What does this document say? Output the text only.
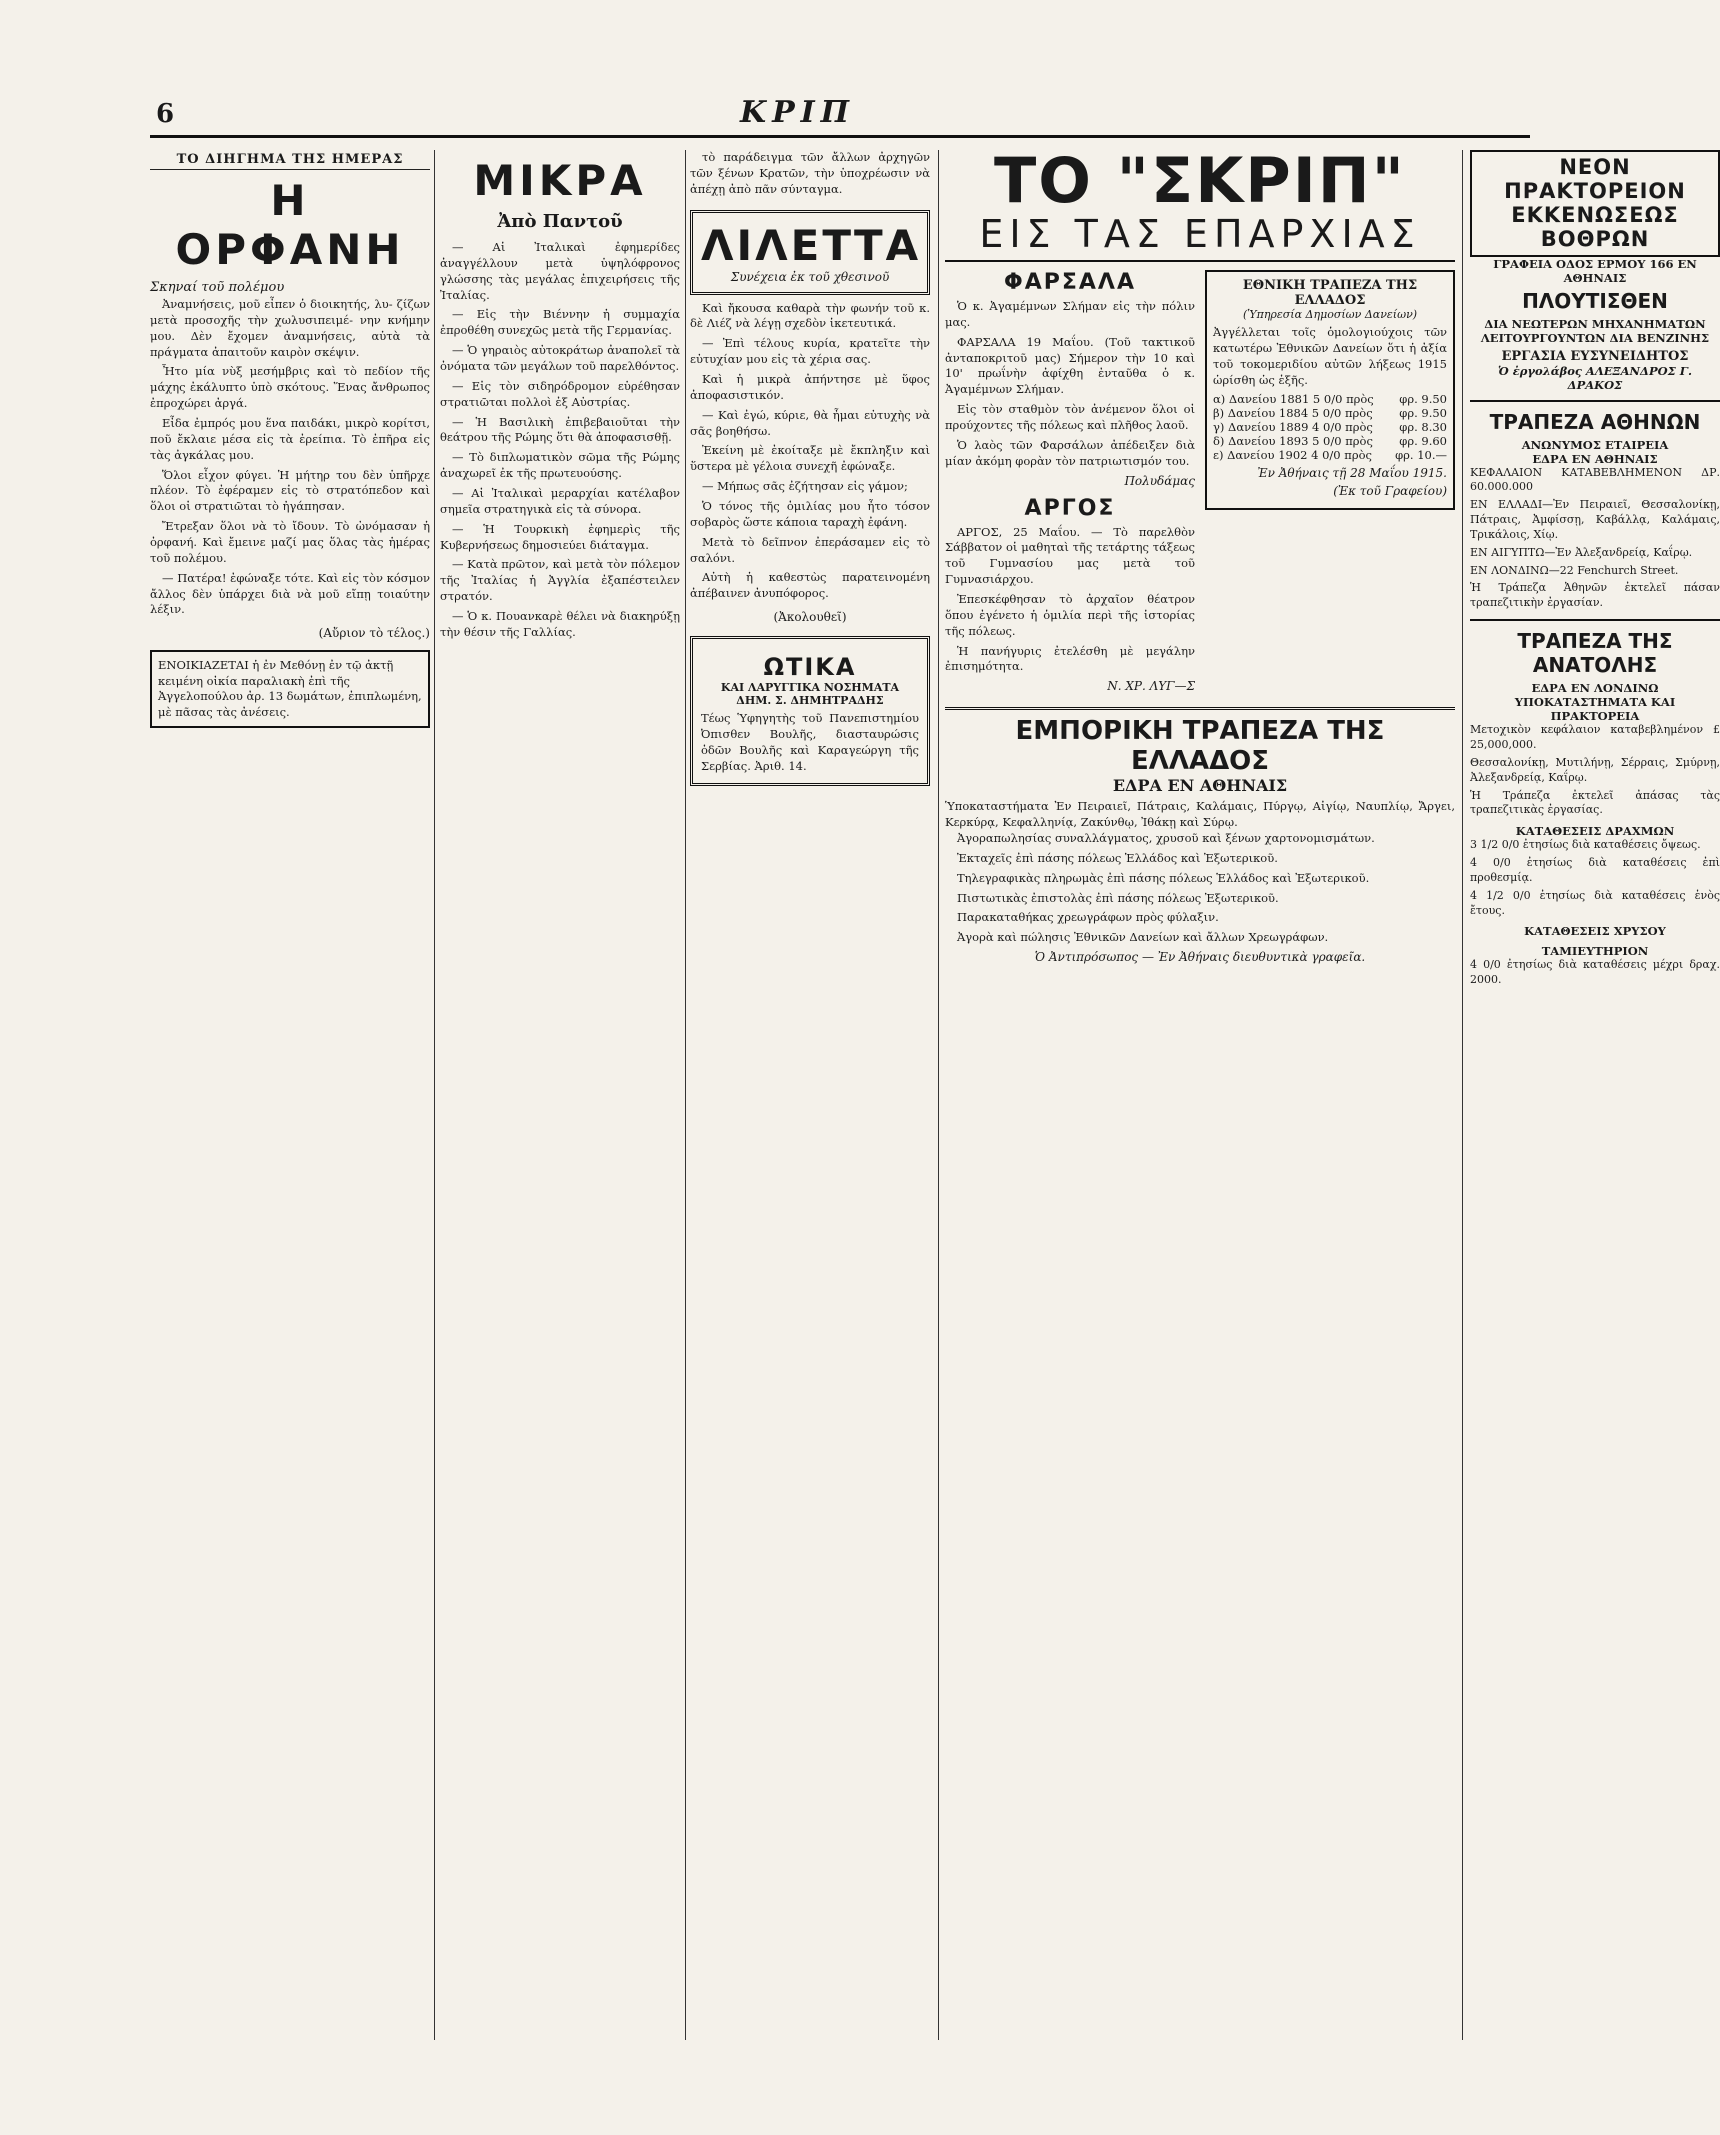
6	ΚΡΙΠ
ΤΟ ΔΙΗΓΗΜΑ ΤΗΣ ΗΜΕΡΑΣ
Η ΟΡΦΑΝΗ
Σκηναί τοῦ πολέμου

Ἀναμνήσεις, μοῦ εἶπεν ὁ διοικητής, λυ- ζίζων μετὰ προσοχῆς τὴν χωλυσιπειμέ- νην κνήμην μου. Δὲν ἔχομεν ἀναμνήσεις, αὐτὰ τὰ πράγματα ἀπαιτοῦν καιρὸν σκέψιν.

Ἦτο μία νὺξ μεσήμβρις καὶ τὸ πεδίον τῆς μάχης ἐκάλυπτο ὑπὸ σκότους. Ἕνας ἄνθρωπος ἐπροχώρει ἀργά.

Εἶδα ἐμπρός μου ἕνα παιδάκι, μικρὸ κορίτσι, ποῦ ἔκλαιε μέσα εἰς τὰ ἐρείπια. Τὸ ἐπῆρα εἰς τὰς ἀγκάλας μου.

Ὅλοι εἶχον φύγει. Ἡ μήτηρ του δὲν ὑπῆρχε πλέον. Τὸ ἐφέραμεν εἰς τὸ στρατόπεδον καὶ ὅλοι οἱ στρατιῶται τὸ ἠγάπησαν.

Ἔτρεξαν ὅλοι νὰ τὸ ἴδουν. Τὸ ὠνόμασαν ἡ ὀρφανή. Καὶ ἔμεινε μαζί μας ὅλας τὰς ἡμέρας τοῦ πολέμου.

— Πατέρα! ἐφώναξε τότε. Καὶ εἰς τὸν κόσμον ἄλλος δὲν ὑπάρχει διὰ νὰ μοῦ εἴπῃ τοιαύτην λέξιν.

(Αὔριον τὸ τέλος.)
ΕΝΟΙΚΙΑΖΕΤΑΙ ἡ ἐν Μεθόνῃ ἐν τῷ ἀκτῇ κειμένη οἰκία παραλιακὴ ἐπὶ τῆς Ἀγγελοπούλου ἀρ. 13 δωμάτων, ἐπιπλωμένη, μὲ πᾶσας τὰς ἀνέσεις.
ΜΙΚΡΑ
Ἀπὸ Παντοῦ

— Αἱ Ἰταλικαὶ ἐφημερίδες ἀναγγέλλουν μετὰ ὑψηλόφρονος γλώσσης τὰς μεγάλας ἐπιχειρήσεις τῆς Ἰταλίας.

— Εἰς τὴν Βιέννην ἡ συμμαχία ἐπροθέθη συνεχῶς μετὰ τῆς Γερμανίας.

— Ὁ γηραιὸς αὐτοκράτωρ ἀναπολεῖ τὰ ὀνόματα τῶν μεγάλων τοῦ παρελθόντος.

— Εἰς τὸν σιδηρόδρομον εὑρέθησαν στρατιῶται πολλοὶ ἐξ Αὐστρίας.

— Ἡ Βασιλικὴ ἐπιβεβαιοῦται τὴν θεάτρου τῆς Ρώμης ὅτι θὰ ἀποφασισθῇ.

— Τὸ διπλωματικὸν σῶμα τῆς Ρώμης ἀναχωρεῖ ἐκ τῆς πρωτευούσης.

— Αἱ Ἰταλικαὶ μεραρχίαι κατέλαβον σημεῖα στρατηγικὰ εἰς τὰ σύνορα.

— Ἡ Τουρκικὴ ἐφημερὶς τῆς Κυβερνήσεως δημοσιεύει διάταγμα.

— Κατὰ πρῶτον, καὶ μετὰ τὸν πόλεμον τῆς Ἰταλίας ἡ Ἀγγλία ἐξαπέστειλεν στρατόν.

— Ὁ κ. Πουανκαρὲ θέλει νὰ διακηρύξῃ τὴν θέσιν τῆς Γαλλίας.

τὸ παράδειγμα τῶν ἄλλων ἀρχηγῶν τῶν ξένων Κρατῶν, τὴν ὑποχρέωσιν νὰ ἀπέχῃ ἀπὸ πᾶν σύνταγμα.

ΛΙΛΕΤΤΑ
Συνέχεια ἐκ τοῦ χθεσινοῦ

Καὶ ἤκουσα καθαρὰ τὴν φωνήν τοῦ κ. δὲ Λιέζ νὰ λέγῃ σχεδὸν ἱκετευτικά.

— Ἐπὶ τέλους κυρία, κρατεῖτε τὴν εὐτυχίαν μου εἰς τὰ χέρια σας.

Καὶ ἡ μικρὰ ἀπήντησε μὲ ὕφος ἀποφασιστικόν.

— Καὶ ἐγώ, κύριε, θὰ ἦμαι εὐτυχὴς νὰ σᾶς βοηθήσω.

Ἐκείνη μὲ ἐκοίταξε μὲ ἔκπληξιν καὶ ὕστερα μὲ γέλοια συνεχῆ ἐφώναξε.

— Μήπως σᾶς ἐζήτησαν εἰς γάμον;

Ὁ τόνος τῆς ὁμιλίας μου ἦτο τόσον σοβαρὸς ὥστε κάποια ταραχὴ ἐφάνη.

Μετὰ τὸ δεῖπνον ἐπεράσαμεν εἰς τὸ σαλόνι.

Αὐτὴ ἡ καθεστὼς παρατεινομένη ἀπέβαινεν ἀνυπόφορος.

(Ἀκολουθεῖ)
ΩΤΙΚΑ
ΚΑΙ ΛΑΡΥΓΓΙΚΑ ΝΟΣΗΜΑΤΑ
ΔΗΜ. Σ. ΔΗΜΗΤΡΑΔΗΣ
Τέως Ὑφηγητὴς τοῦ Πανεπιστημίου Ὀπισθεν Βουλῆς, διασταυρώσις ὁδῶν Βουλῆς καὶ Καραγεώργη τῆς Σερβίας. Ἀριθ. 14.
ΤΟ "ΣΚΡΙΠ"
ΕΙΣ ΤΑΣ ΕΠΑΡΧΙΑΣ
ΦΑΡΣΑΛΑ

Ὁ κ. Ἀγαμέμνων Σλήμαν εἰς τὴν πόλιν μας.

ΦΑΡΣΑΛΑ 19 Μαΐου. (Τοῦ τακτικοῦ ἀνταποκριτοῦ μας) Σήμερον τὴν 10 καὶ 10' πρωΐνὴν ἀφίχθη ἐνταῦθα ὁ κ. Ἀγαμέμνων Σλήμαν.

Εἰς τὸν σταθμὸν τὸν ἀνέμενον ὅλοι οἱ προύχοντες τῆς πόλεως καὶ πλῆθος λαοῦ.

Ὁ λαὸς τῶν Φαρσάλων ἀπέδειξεν διὰ μίαν ἀκόμη φορὰν τὸν πατριωτισμόν του.

Πολυδάμας
ΑΡΓΟΣ

ΑΡΓΟΣ, 25 Μαΐου. — Τὸ παρελθὸν Σάββατον οἱ μαθηταὶ τῆς τετάρτης τάξεως τοῦ Γυμνασίου μας μετὰ τοῦ Γυμνασιάρχου.

Ἐπεσκέφθησαν τὸ ἀρχαῖον θέατρον ὅπου ἐγένετο ἡ ὁμιλία περὶ τῆς ἱστορίας τῆς πόλεως.

Ἡ πανήγυρις ἐτελέσθη μὲ μεγάλην ἐπισημότητα.

Ν. ΧΡ. ΛΥΓ—Σ
ΕΘΝΙΚΗ ΤΡΑΠΕΖΑ ΤΗΣ ΕΛΛΑΔΟΣ
(Ὑπηρεσία Δημοσίων Δανείων)
Ἀγγέλλεται τοῖς ὁμολογιούχοις τῶν κατωτέρω Ἐθνικῶν Δανείων ὅτι ἡ ἀξία τοῦ τοκομεριδίου αὐτῶν λήξεως 1915 ὡρίσθη ὡς ἑξῆς.
α) Δανείου 1881 5 0/0 πρὸς φρ. 9.50
β) Δανείου 1884 5 0/0 πρὸς φρ. 9.50
γ) Δανείου 1889 4 0/0 πρὸς φρ. 8.30
δ) Δανείου 1893 5 0/0 πρὸς φρ. 9.60
ε) Δανείου 1902 4 0/0 πρὸς φρ. 10.—
Ἐν Ἀθήναις τῇ 28 Μαΐου 1915.
(Ἐκ τοῦ Γραφείου)
ΕΜΠΟΡΙΚΗ ΤΡΑΠΕΖΑ ΤΗΣ ΕΛΛΑΔΟΣ
ΕΔΡΑ ΕΝ ΑΘΗΝΑΙΣ
Ὑποκαταστήματα Ἐν Πειραιεῖ, Πάτραις, Καλάμαις, Πύργῳ, Αἰγίῳ, Ναυπλίῳ, Ἄργει, Κερκύρᾳ, Κεφαλληνίᾳ, Ζακύνθῳ, Ἰθάκῃ καὶ Σύρῳ.

Ἀγοραπωλησίας συναλλάγματος, χρυσοῦ καὶ ξένων χαρτονομισμάτων.

Ἐκταχεῖς ἐπὶ πάσης πόλεως Ἑλλάδος καὶ Ἐξωτερικοῦ.

Τηλεγραφικὰς πληρωμὰς ἐπὶ πάσης πόλεως Ἑλλάδος καὶ Ἐξωτερικοῦ.

Πιστωτικὰς ἐπιστολὰς ἐπὶ πάσης πόλεως Ἐξωτερικοῦ.

Παρακαταθήκας χρεωγράφων πρὸς φύλαξιν.

Ἀγορὰ καὶ πώλησις Ἐθνικῶν Δανείων καὶ ἄλλων Χρεωγράφων.

Ὁ Ἀντιπρόσωπος — Ἐν Ἀθήναις διευθυντικὰ γραφεῖα.
ΝΕΟΝ ΠΡΑΚΤΟΡΕΙΟΝ ΕΚΚΕΝΩΣΕΩΣ ΒΟΘΡΩΝ
ΓΡΑΦΕΙΑ ΟΔΟΣ ΕΡΜΟΥ 166 ΕΝ ΑΘΗΝΑΙΣ
ΠΛΟΥΤΙΣΘΕΝ
ΔΙΑ ΝΕΩΤΕΡΩΝ ΜΗΧΑΝΗΜΑΤΩΝ
ΛΕΙΤΟΥΡΓΟΥΝΤΩΝ ΔΙΑ ΒΕΝΖΙΝΗΣ
ΕΡΓΑΣΙΑ ΕΥΣΥΝΕΙΔΗΤΟΣ
Ὁ ἐργολάβος ΑΛΕΞΑΝΔΡΟΣ Γ. ΔΡΑΚΟΣ
ΤΡΑΠΕΖΑ ΑΘΗΝΩΝ
ΑΝΩΝΥΜΟΣ ΕΤΑΙΡΕΙΑ
ΕΔΡΑ ΕΝ ΑΘΗΝΑΙΣ

ΚΕΦΑΛΑΙΟΝ ΚΑΤΑΒΕΒΛΗΜΕΝΟΝ ΔΡ. 60.000.000

ΕΝ ΕΛΛΑΔΙ—Ἐν Πειραιεῖ, Θεσσαλονίκῃ, Πάτραις, Ἀμφίσσῃ, Καβάλλᾳ, Καλάμαις, Τρικάλοις, Χίῳ.

ΕΝ ΑΙΓΥΠΤΩ—Ἐν Ἀλεξανδρείᾳ, Καΐρῳ.

ΕΝ ΛΟΝΔΙΝΩ—22 Fenchurch Street.

Ἡ Τράπεζα Ἀθηνῶν ἐκτελεῖ πάσαν τραπεζιτικὴν ἐργασίαν.

ΤΡΑΠΕΖΑ ΤΗΣ ΑΝΑΤΟΛΗΣ
ΕΔΡΑ ΕΝ ΛΟΝΔΙΝΩ
ΥΠΟΚΑΤΑΣΤΗΜΑΤΑ ΚΑΙ ΠΡΑΚΤΟΡΕΙΑ

Μετοχικὸν κεφάλαιον καταβεβλημένον £ 25,000,000.

Θεσσαλονίκῃ, Μυτιλήνῃ, Σέρραις, Σμύρνῃ, Ἀλεξανδρείᾳ, Καΐρῳ.

Ἡ Τράπεζα ἐκτελεῖ ἀπάσας τὰς τραπεζιτικὰς ἐργασίας.

ΚΑΤΑΘΕΣΕΙΣ ΔΡΑΧΜΩΝ

3 1/2 0/0 ἐτησίως διὰ καταθέσεις ὄψεως.

4 0/0 ἐτησίως διὰ καταθέσεις ἐπὶ προθεσμίᾳ.

4 1/2 0/0 ἐτησίως διὰ καταθέσεις ἑνὸς ἔτους.

ΚΑΤΑΘΕΣΕΙΣ ΧΡΥΣΟΥ
ΤΑΜΙΕΥΤΗΡΙΟΝ
4 0/0 ἐτησίως διὰ καταθέσεις μέχρι δραχ. 2000.
